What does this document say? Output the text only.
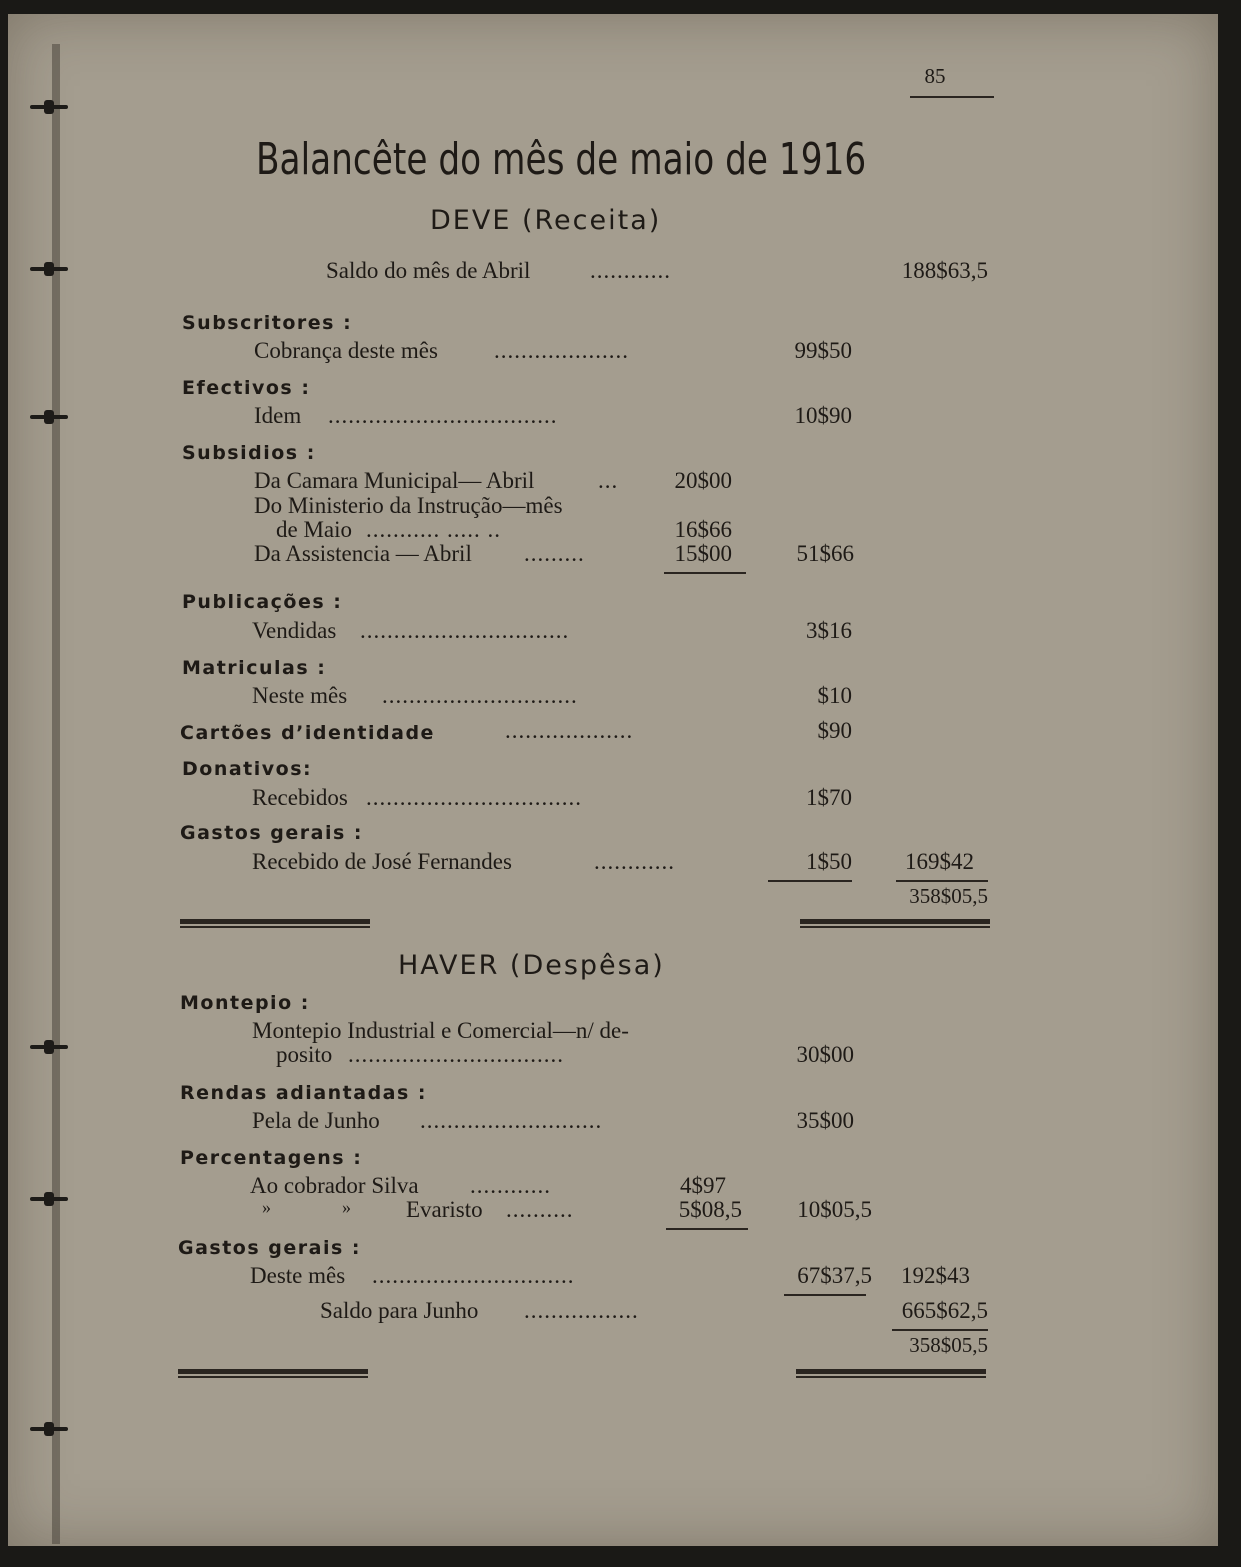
85
Balancête do mês de maio de 1916
DEVE (Receita)
Saldo do mês de Abril	............	188$63,5
Subscritores :
Cobrança deste mês ....................	99$50
Efectivos :
Idem ..................................	10$90
Subsidios :
Da Camara Municipal— Abril	...	20$00
Do Ministerio da Instrução—mês
de Maio ........... ..... ..	16$66
Da Assistencia — Abril .........	15$00	51$66
Publicações :
Vendidas ...............................	3$16
Matriculas :
Neste mês .............................	$10
Cartões d’identidade	...................	$90
Donativos:
Recebidos ................................	1$70
Gastos gerais :
Recebido de José Fernandes	............	1$50	169$42
358$05,5
HAVER (Despêsa)
Montepio :
Montepio Industrial e Comercial—n/ de-
posito ................................	30$00
Rendas adiantadas :
Pela de Junho ...........................	35$00
Percentagens :
Ao cobrador Silva ............	4$97
»	» Evaristo ..........	5$08,5	10$05,5
Gastos gerais :
Deste mês ..............................	67$37,5	192$43
Saldo para Junho .................	665$62,5
358$05,5
